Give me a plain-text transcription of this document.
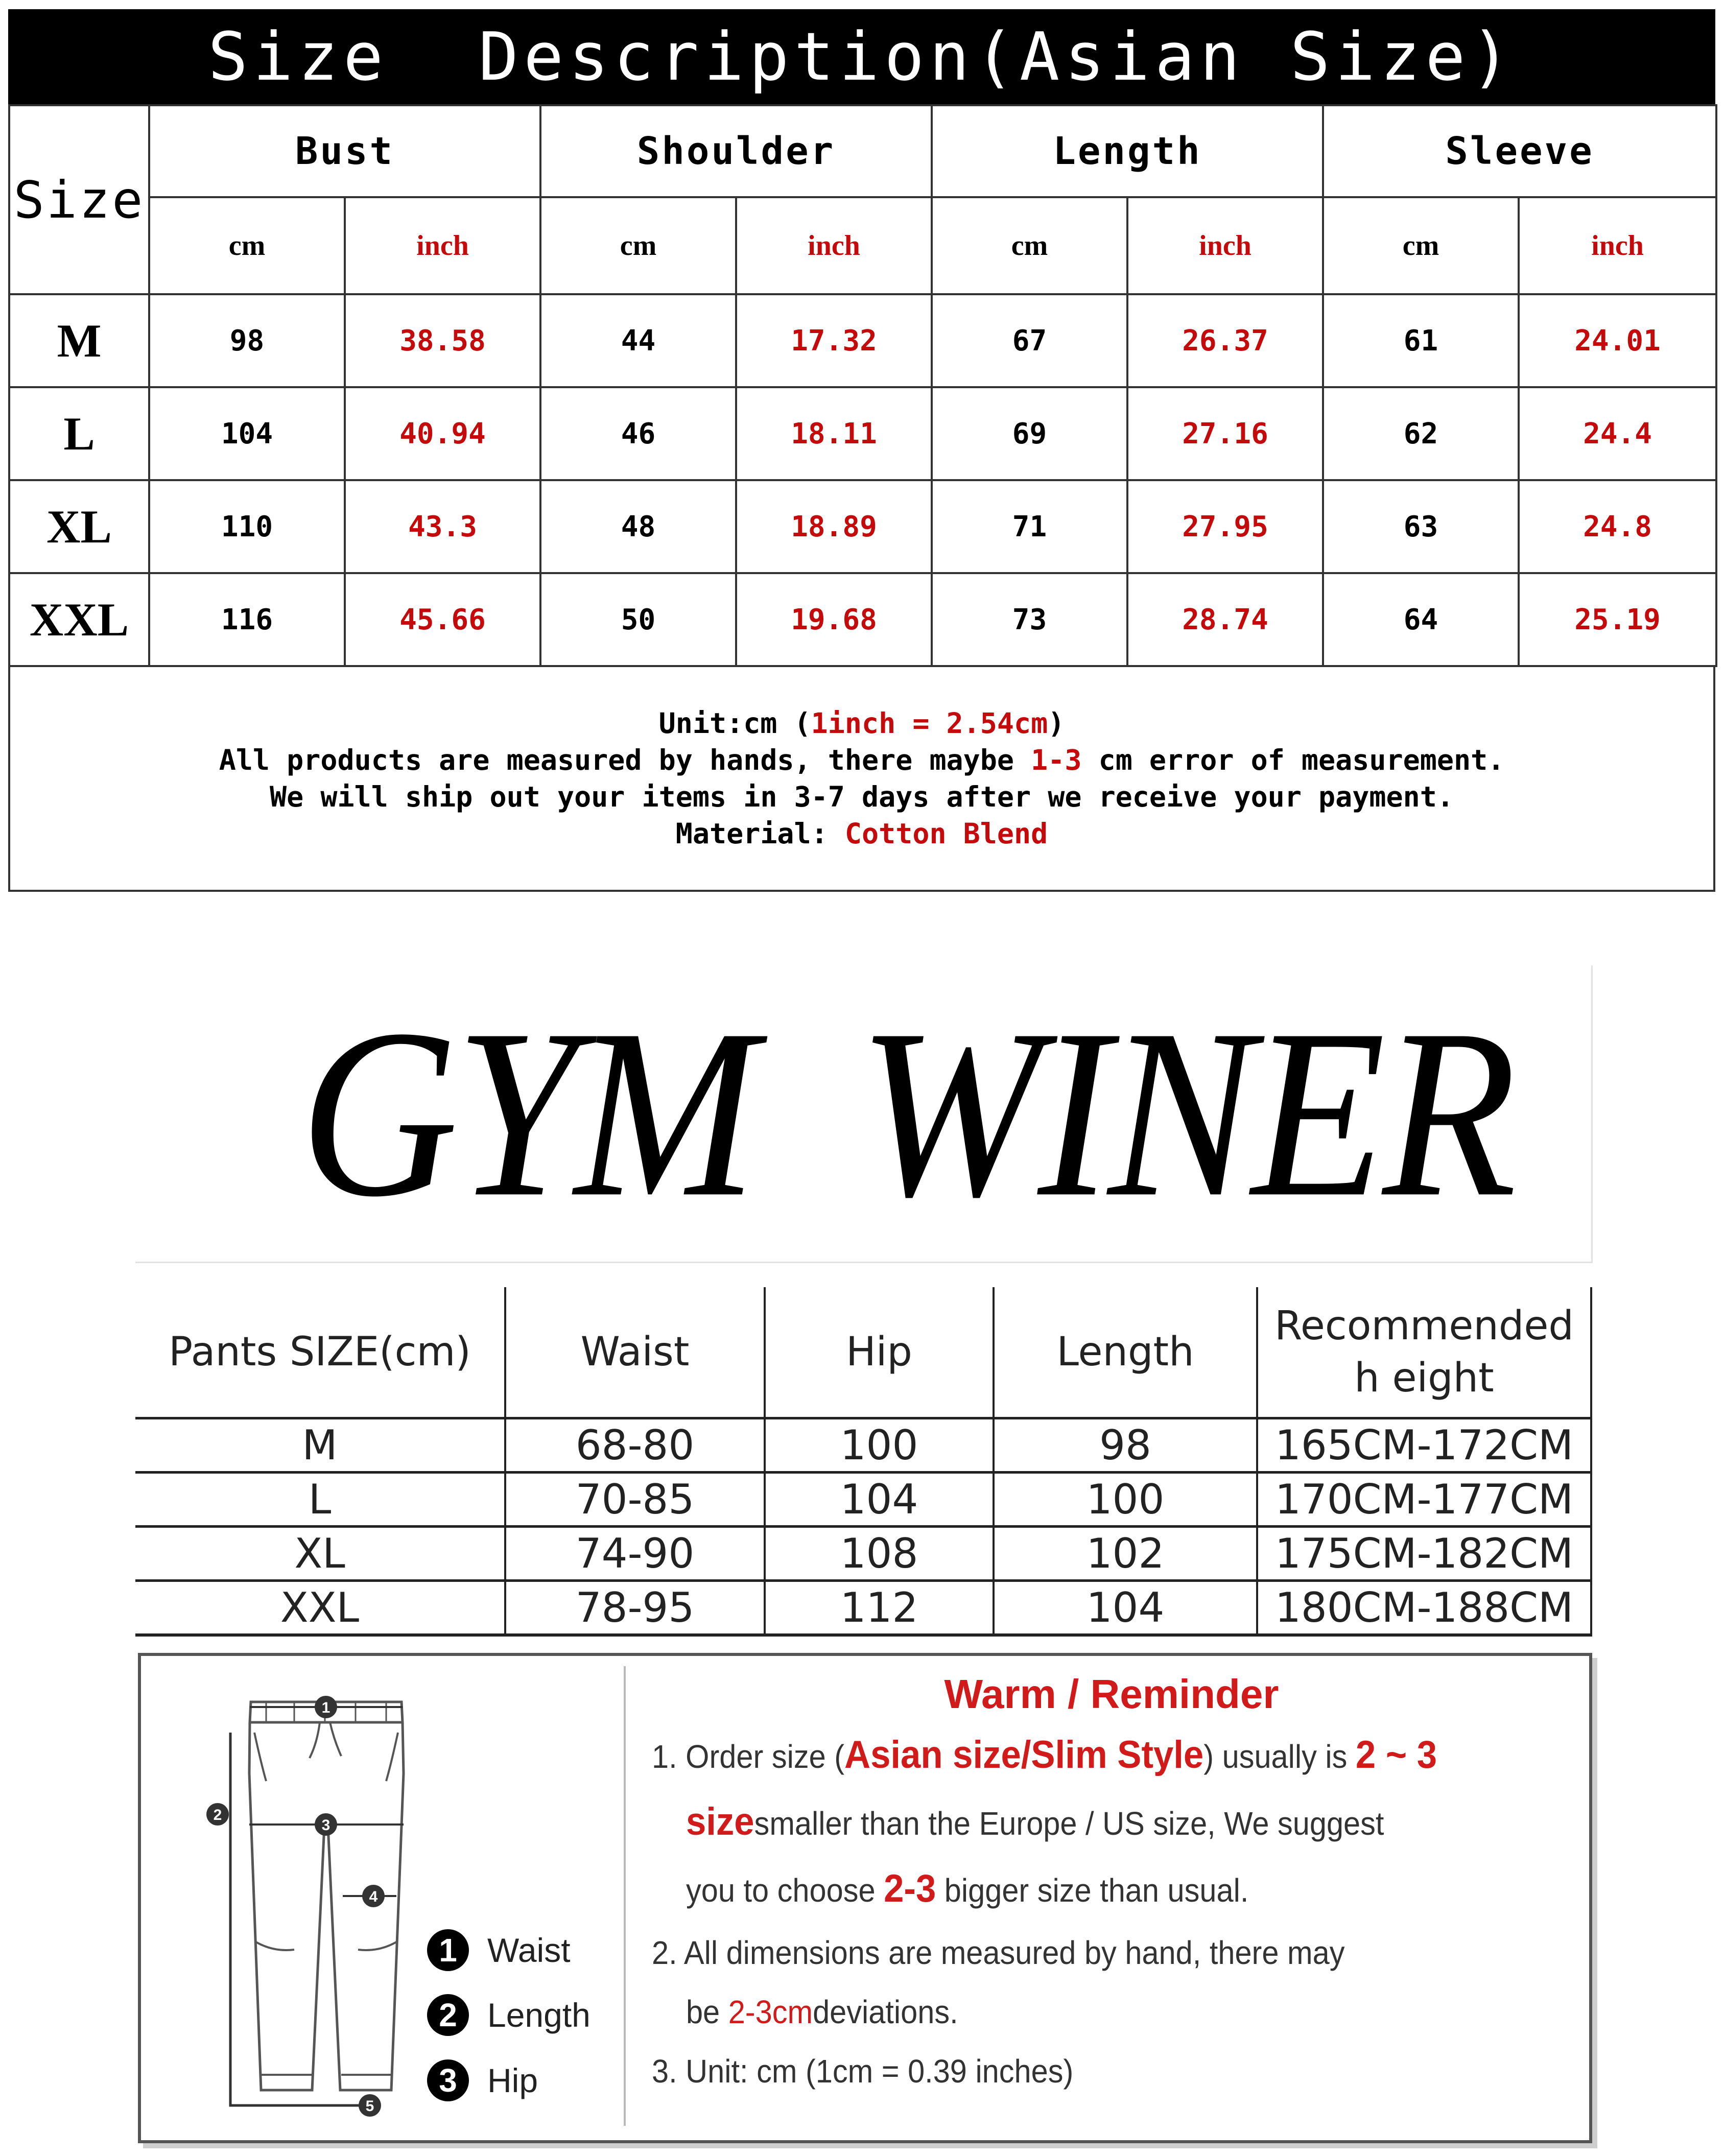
Size  Description(Asian Size)
Size	Bust		Shoulder		Length		Sleeve	
	cm	inch	cm	inch	cm	inch	cm	inch
M	98	38.58	44	17.32	67	26.37	61	24.01
L	104	40.94	46	18.11	69	27.16	62	24.4
XL	110	43.3	48	18.89	71	27.95	63	24.8
XXL	116	45.66	50	19.68	73	28.74	64	25.19
Unit:cm (1inch = 2.54cm)
All products are measured by hands, there maybe 1-3 cm error of measurement.
We will ship out your items in 3-7 days after we receive your payment.
Material: Cotton Blend
GYM  WINER
Pants SIZE(cm)	Waist	Hip	Length	Recommended h eight
M	68-80	100	98	165CM-172CM
L	70-85	104	100	170CM-177CM
XL	74-90	108	102	175CM-182CM
XXL	78-95	112	104	180CM-188CM
1
2
3
4
5
1 Waist
2 Length
3 Hip
Warm / Reminder
1. Order size (Asian size/Slim Style) usually is 2 ~ 3
sizesmaller than the Europe / US size, We suggest
you to choose 2-3 bigger size than usual.
2. All dimensions are measured by hand, there may
be 2-3cmdeviations.
3. Unit: cm (1cm = 0.39 inches)
